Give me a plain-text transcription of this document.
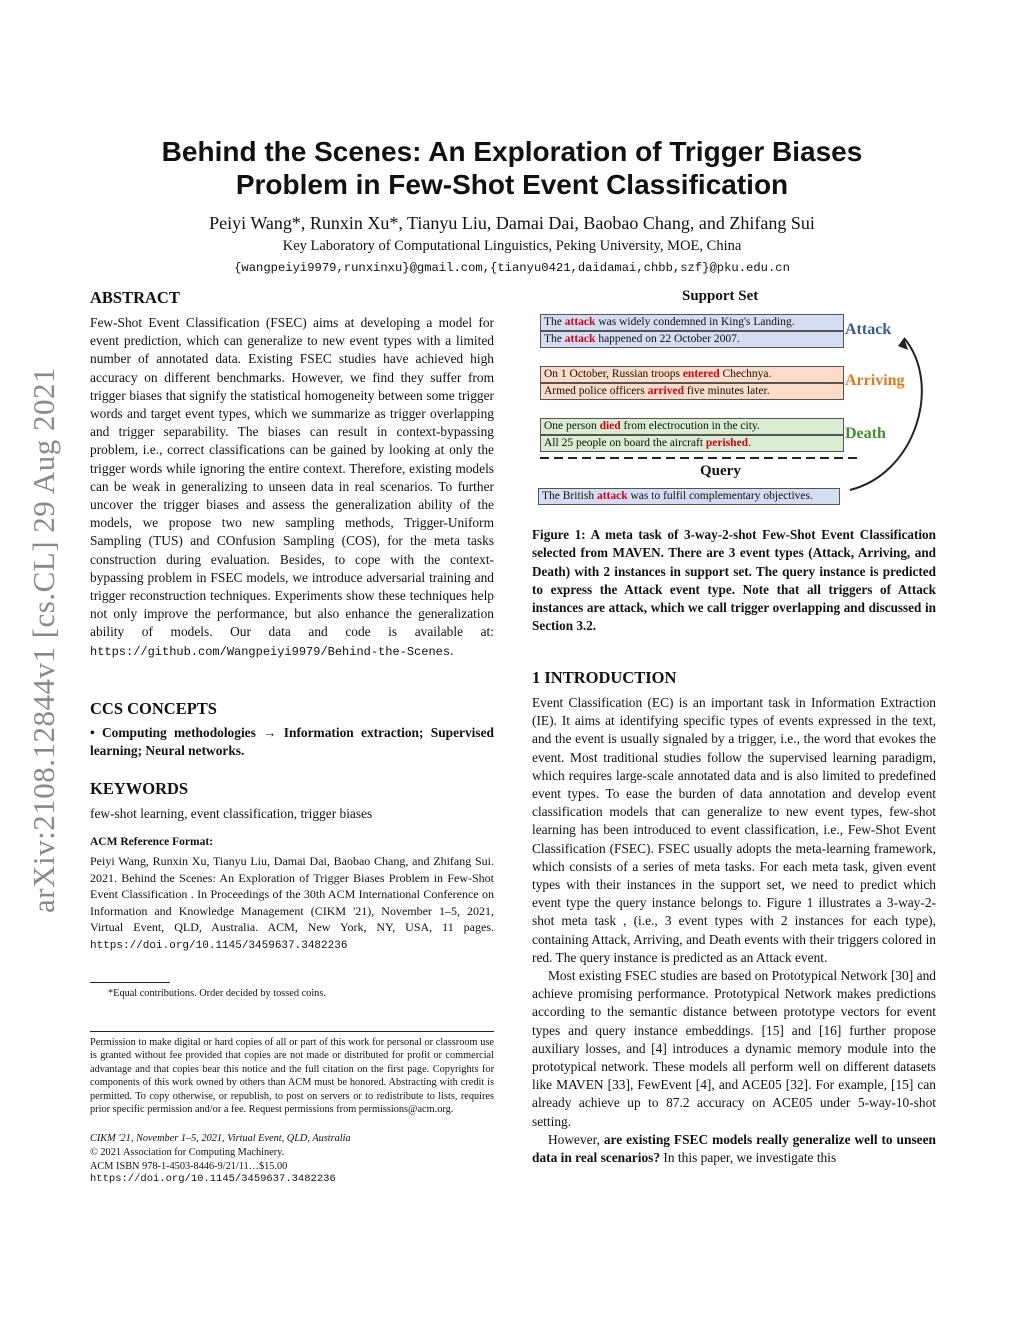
arXiv:2108.12844v1 [cs.CL] 29 Aug 2021
Behind the Scenes: An Exploration of Trigger Biases
Problem in Few-Shot Event Classification
Peiyi Wang*, Runxin Xu*, Tianyu Liu, Damai Dai, Baobao Chang, and Zhifang Sui
Key Laboratory of Computational Linguistics, Peking University, MOE, China
{wangpeiyi9979,runxinxu}@gmail.com,{tianyu0421,daidamai,chbb,szf}@pku.edu.cn
ABSTRACT
Few-Shot Event Classification (FSEC) aims at developing a model for event prediction, which can generalize to new event types with a limited number of annotated data. Existing FSEC studies have achieved high accuracy on different benchmarks. However, we find they suffer from trigger biases that signify the statistical homogeneity between some trigger words and target event types, which we summarize as trigger overlapping and trigger separability. The biases can result in context-bypassing problem, i.e., correct classifications can be gained by looking at only the trigger words while ignoring the entire context. Therefore, existing models can be weak in generalizing to unseen data in real scenarios. To further uncover the trigger biases and assess the generalization ability of the models, we propose two new sampling methods, Trigger-Uniform Sampling (TUS) and COnfusion Sampling (COS), for the meta tasks construction during evaluation. Besides, to cope with the context-bypassing problem in FSEC models, we introduce adversarial training and trigger reconstruction techniques. Experiments show these techniques help not only improve the performance, but also enhance the generalization ability of models. Our data and code is available at: https://github.com/Wangpeiyi9979/Behind-the-Scenes.
CCS CONCEPTS
• Computing methodologies → Information extraction; Supervised learning; Neural networks.
KEYWORDS
few-shot learning, event classification, trigger biases
ACM Reference Format:
Peiyi Wang, Runxin Xu, Tianyu Liu, Damai Dai, Baobao Chang, and Zhifang Sui. 2021. Behind the Scenes: An Exploration of Trigger Biases Problem in Few-Shot Event Classification . In Proceedings of the 30th ACM International Conference on Information and Knowledge Management (CIKM '21), November 1–5, 2021, Virtual Event, QLD, Australia. ACM, New York, NY, USA, 11 pages. https://doi.org/10.1145/3459637.3482236
*Equal contributions. Order decided by tossed coins.
Permission to make digital or hard copies of all or part of this work for personal or classroom use is granted without fee provided that copies are not made or distributed for profit or commercial advantage and that copies bear this notice and the full citation on the first page. Copyrights for components of this work owned by others than ACM must be honored. Abstracting with credit is permitted. To copy otherwise, or republish, to post on servers or to redistribute to lists, requires prior specific permission and/or a fee. Request permissions from permissions@acm.org.
CIKM '21, November 1–5, 2021, Virtual Event, QLD, Australia
© 2021 Association for Computing Machinery.
ACM ISBN 978-1-4503-8446-9/21/11…$15.00
https://doi.org/10.1145/3459637.3482236
Support Set
The attack was widely condemned in King's Landing.
The attack happened on 22 October 2007.
On 1 October, Russian troops entered Chechnya.
Armed police officers arrived five minutes later.
One person died from electrocution in the city.
All 25 people on board the aircraft perished.
Attack
Arriving
Death
Query
The British attack was to fulfil complementary objectives.
Figure 1: A meta task of 3-way-2-shot Few-Shot Event Classification selected from MAVEN. There are 3 event types (Attack, Arriving, and Death) with 2 instances in support set. The query instance is predicted to express the Attack event type. Note that all triggers of Attack instances are attack, which we call trigger overlapping and discussed in Section 3.2.
1 INTRODUCTION

Event Classification (EC) is an important task in Information Extraction (IE). It aims at identifying specific types of events expressed in the text, and the event is usually signaled by a trigger, i.e., the word that evokes the event. Most traditional studies follow the supervised learning paradigm, which requires large-scale annotated data and is also limited to predefined event types. To ease the burden of data annotation and develop event classification models that can generalize to new event types, few-shot learning has been introduced to event classification, i.e., Few-Shot Event Classification (FSEC). FSEC usually adopts the meta-learning framework, which consists of a series of meta tasks. For each meta task, given event types with their instances in the support set, we need to predict which event type the query instance belongs to. Figure 1 illustrates a 3-way-2-shot meta task , (i.e., 3 event types with 2 instances for each type), containing Attack, Arriving, and Death events with their triggers colored in red. The query instance is predicted as an Attack event.

Most existing FSEC studies are based on Prototypical Network [30] and achieve promising performance. Prototypical Network makes predictions according to the semantic distance between prototype vectors for event types and query instance embeddings. [15] and [16] further propose auxiliary losses, and [4] introduces a dynamic memory module into the prototypical network. These models all perform well on different datasets like MAVEN [33], FewEvent [4], and ACE05 [32]. For example, [15] can already achieve up to 87.2 accuracy on ACE05 under 5-way-10-shot setting.

However, are existing FSEC models really generalize well to unseen data in real scenarios? In this paper, we investigate this
